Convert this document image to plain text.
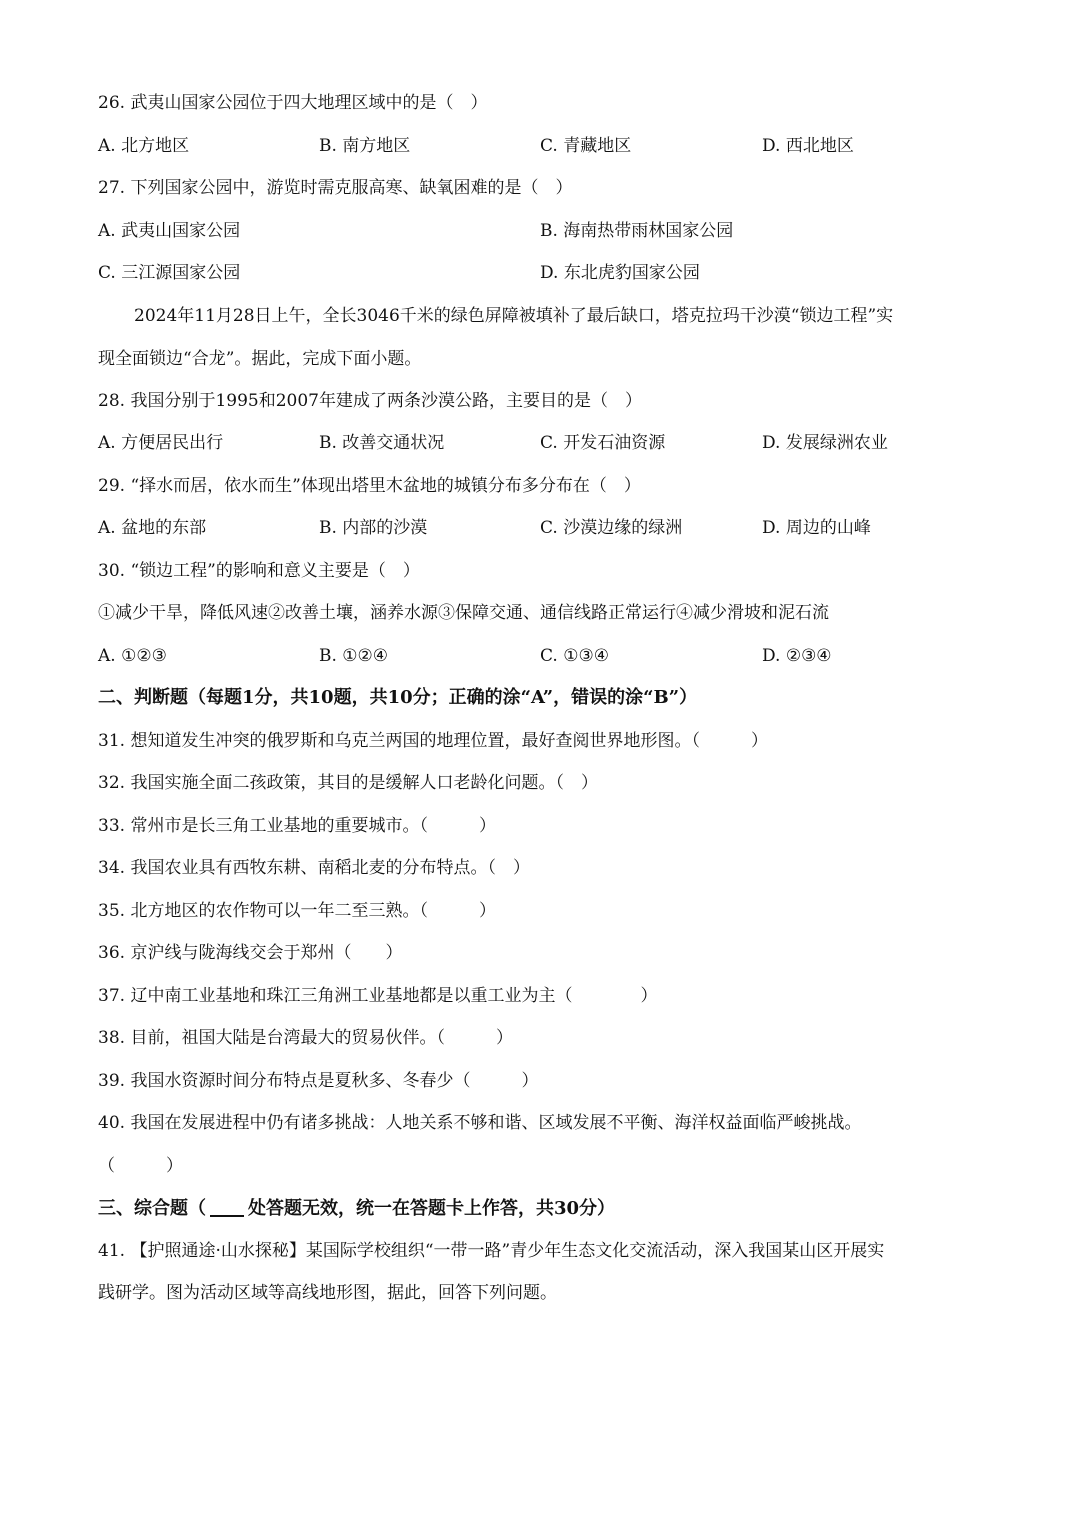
26. 武夷山国家公园位于四大地理区域中的是（　）
A. 北方地区	B. 南方地区	C. 青藏地区	D. 西北地区
27. 下列国家公园中，游览时需克服高寒、缺氧困难的是（　）
A. 武夷山国家公园	B. 海南热带雨林国家公园
C. 三江源国家公园	D. 东北虎豹国家公园
2024年11月28日上午，全长3046千米的绿色屏障被填补了最后缺口，塔克拉玛干沙漠“锁边工程”实
现全面锁边“合龙”。据此，完成下面小题。
28. 我国分别于1995和2007年建成了两条沙漠公路，主要目的是（　）
A. 方便居民出行	B. 改善交通状况	C. 开发石油资源	D. 发展绿洲农业
29. “择水而居，依水而生”体现出塔里木盆地的城镇分布多分布在（　）
A. 盆地的东部	B. 内部的沙漠	C. 沙漠边缘的绿洲	D. 周边的山峰
30. “锁边工程”的影响和意义主要是（　）
①减少干旱，降低风速②改善土壤，涵养水源③保障交通、通信线路正常运行④减少滑坡和泥石流
A. ①②③	B. ①②④	C. ①③④	D. ②③④
二、判断题（每题1分，共10题，共10分；正确的涂“A”，错误的涂“B”）
31. 想知道发生冲突的俄罗斯和乌克兰两国的地理位置，最好查阅世界地形图。（　　　）
32. 我国实施全面二孩政策，其目的是缓解人口老龄化问题。（　）
33. 常州市是长三角工业基地的重要城市。（　　　）
34. 我国农业具有西牧东耕、南稻北麦的分布特点。（　）
35. 北方地区的农作物可以一年二至三熟。（　　　）
36. 京沪线与陇海线交会于郑州（　　）
37. 辽中南工业基地和珠江三角洲工业基地都是以重工业为主（　　　　）
38. 目前，祖国大陆是台湾最大的贸易伙伴。（　　　）
39. 我国水资源时间分布特点是夏秋多、冬春少（　　　）
40. 我国在发展进程中仍有诸多挑战：人地关系不够和谐、区域发展不平衡、海洋权益面临严峻挑战。
（　　　）
三、综合题（ 处答题无效，统一在答题卡上作答，共30分）
41. 【护照通途·山水探秘】某国际学校组织“一带一路”青少年生态文化交流活动，深入我国某山区开展实
践研学。图为活动区域等高线地形图，据此，回答下列问题。
